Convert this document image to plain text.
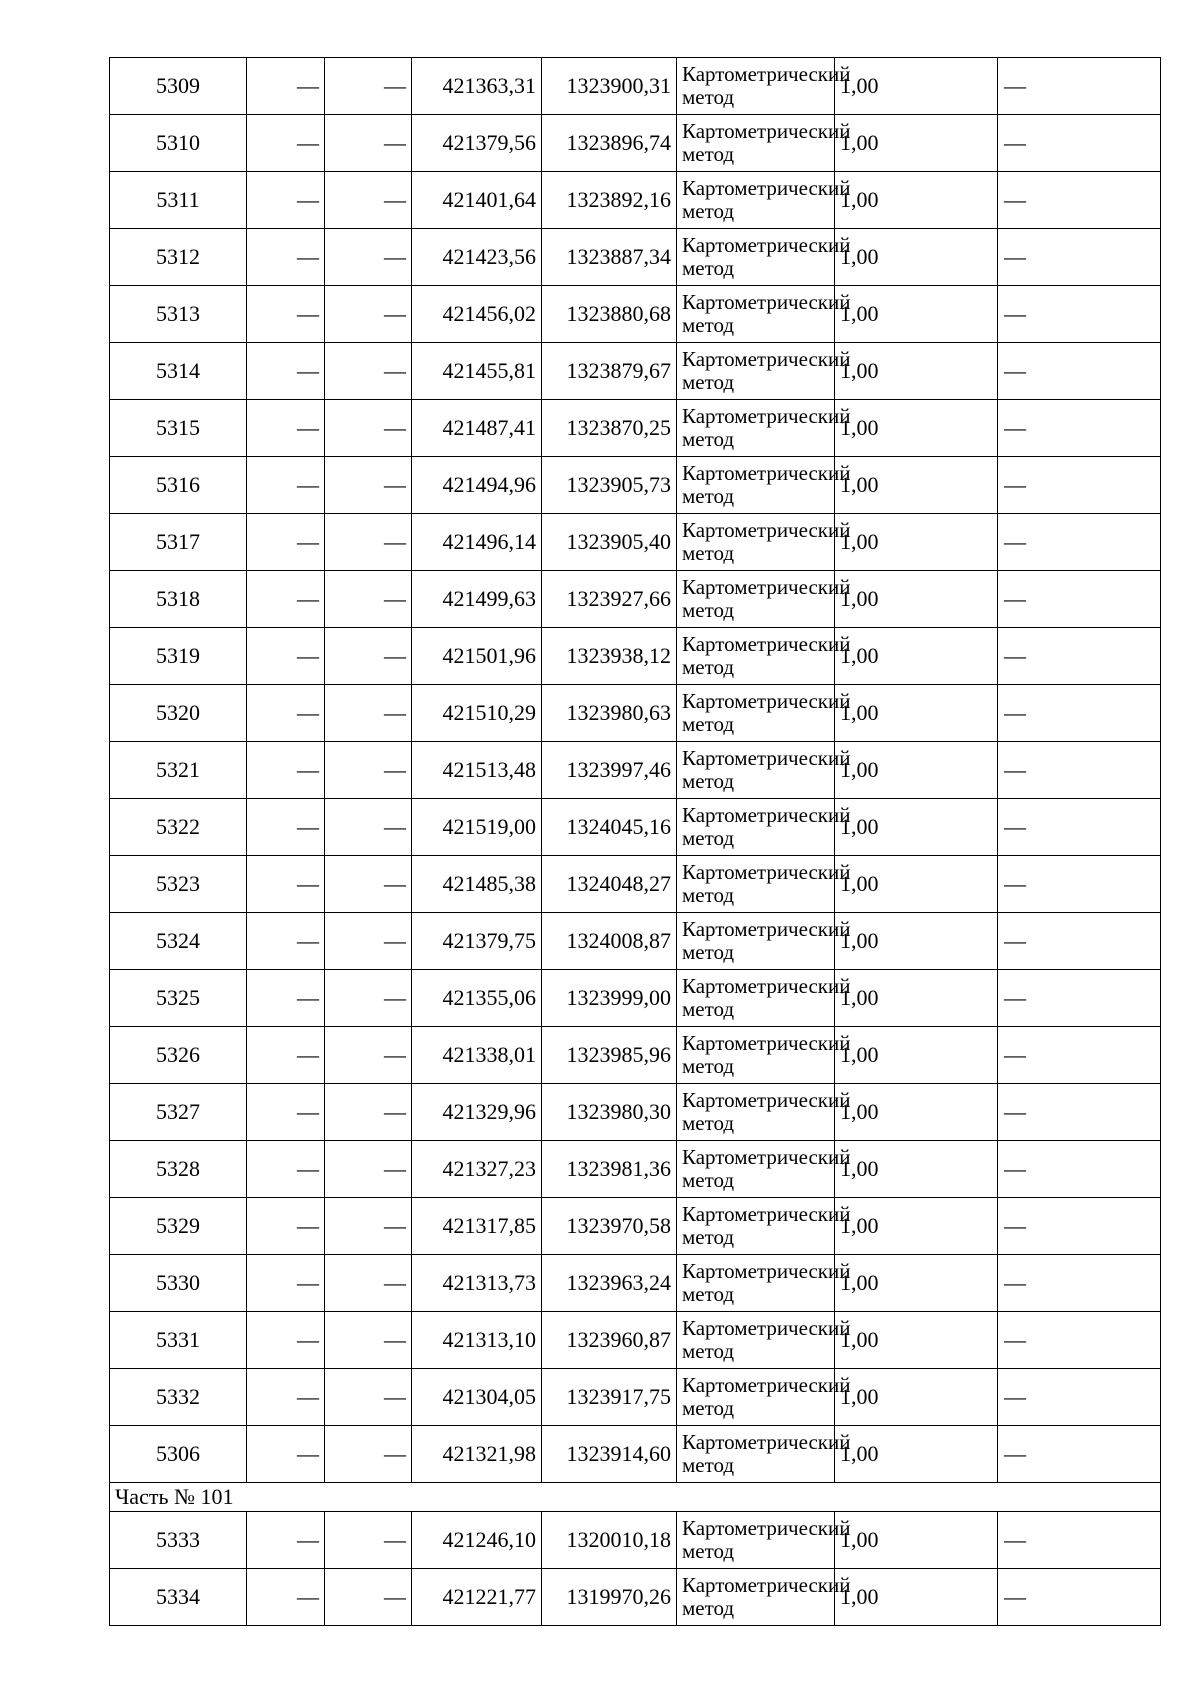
5309	—	—	421363,31	1323900,31	Картометрический метод	1,00	—
5310	—	—	421379,56	1323896,74	Картометрический метод	1,00	—
5311	—	—	421401,64	1323892,16	Картометрический метод	1,00	—
5312	—	—	421423,56	1323887,34	Картометрический метод	1,00	—
5313	—	—	421456,02	1323880,68	Картометрический метод	1,00	—
5314	—	—	421455,81	1323879,67	Картометрический метод	1,00	—
5315	—	—	421487,41	1323870,25	Картометрический метод	1,00	—
5316	—	—	421494,96	1323905,73	Картометрический метод	1,00	—
5317	—	—	421496,14	1323905,40	Картометрический метод	1,00	—
5318	—	—	421499,63	1323927,66	Картометрический метод	1,00	—
5319	—	—	421501,96	1323938,12	Картометрический метод	1,00	—
5320	—	—	421510,29	1323980,63	Картометрический метод	1,00	—
5321	—	—	421513,48	1323997,46	Картометрический метод	1,00	—
5322	—	—	421519,00	1324045,16	Картометрический метод	1,00	—
5323	—	—	421485,38	1324048,27	Картометрический метод	1,00	—
5324	—	—	421379,75	1324008,87	Картометрический метод	1,00	—
5325	—	—	421355,06	1323999,00	Картометрический метод	1,00	—
5326	—	—	421338,01	1323985,96	Картометрический метод	1,00	—
5327	—	—	421329,96	1323980,30	Картометрический метод	1,00	—
5328	—	—	421327,23	1323981,36	Картометрический метод	1,00	—
5329	—	—	421317,85	1323970,58	Картометрический метод	1,00	—
5330	—	—	421313,73	1323963,24	Картометрический метод	1,00	—
5331	—	—	421313,10	1323960,87	Картометрический метод	1,00	—
5332	—	—	421304,05	1323917,75	Картометрический метод	1,00	—
5306	—	—	421321,98	1323914,60	Картометрический метод	1,00	—
Часть № 101							
5333	—	—	421246,10	1320010,18	Картометрический метод	1,00	—
5334	—	—	421221,77	1319970,26	Картометрический метод	1,00	—
